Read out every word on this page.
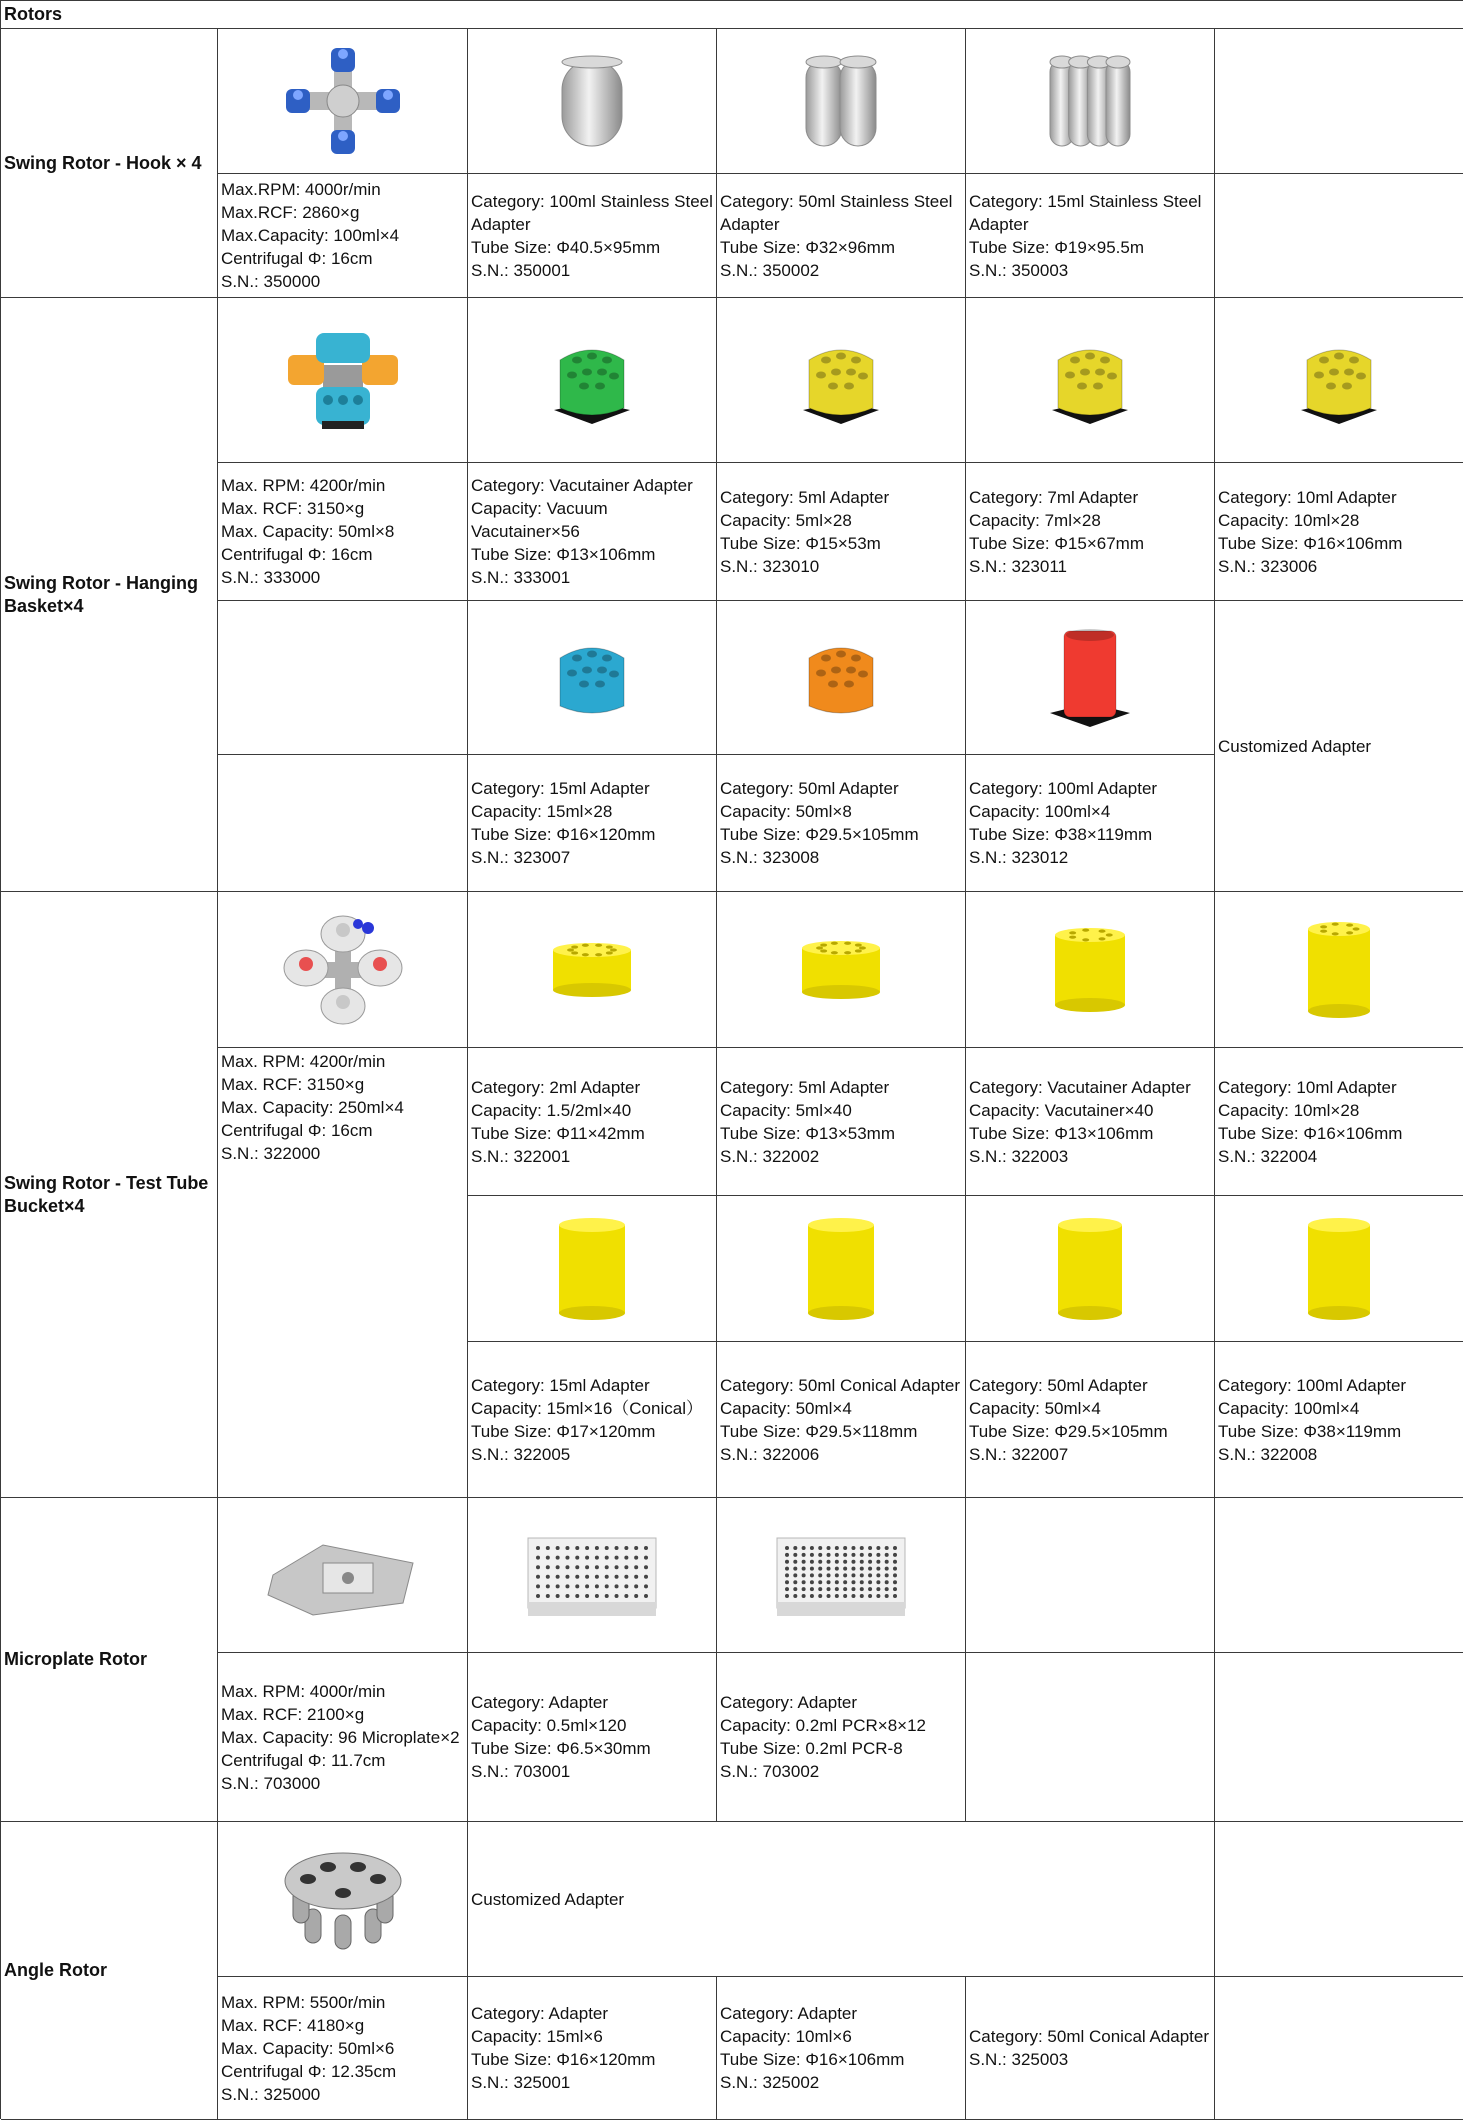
Rotors
Swing Rotor - Hook × 4
Max.RPM: 4000r/min
Max.RCF: 2860×g
Max.Capacity: 100ml×4
Centrifugal Φ: 16cm
S.N.: 350000
Category: 100ml Stainless Steel Adapter
Tube Size: Φ40.5×95mm
S.N.: 350001
Category: 50ml Stainless Steel Adapter
Tube Size: Φ32×96mm
S.N.: 350002
Category: 15ml Stainless Steel Adapter
Tube Size: Φ19×95.5m
S.N.: 350003
Swing Rotor - Hanging Basket×4
Max. RPM: 4200r/min
Max. RCF: 3150×g
Max. Capacity: 50ml×8
Centrifugal Φ: 16cm
S.N.: 333000
Category: Vacutainer Adapter
Capacity: Vacuum Vacutainer×56
Tube Size: Φ13×106mm
S.N.: 333001
Category: 5ml Adapter
Capacity: 5ml×28
Tube Size: Φ15×53m
S.N.: 323010
Category: 7ml Adapter
Capacity: 7ml×28
Tube Size: Φ15×67mm
S.N.: 323011
Category: 10ml Adapter
Capacity: 10ml×28
Tube Size: Φ16×106mm
S.N.: 323006
Customized Adapter
Category: 15ml Adapter
Capacity: 15ml×28
Tube Size: Φ16×120mm
S.N.: 323007
Category: 50ml Adapter
Capacity: 50ml×8
Tube Size: Φ29.5×105mm
S.N.: 323008
Category: 100ml Adapter
Capacity: 100ml×4
Tube Size: Φ38×119mm
S.N.: 323012
Swing Rotor - Test Tube Bucket×4
Max. RPM: 4200r/min
Max. RCF: 3150×g
Max. Capacity: 250ml×4
Centrifugal Φ: 16cm
S.N.: 322000
Category: 2ml Adapter
Capacity: 1.5/2ml×40
Tube Size: Φ11×42mm
S.N.: 322001
Category: 5ml Adapter
Capacity: 5ml×40
Tube Size: Φ13×53mm
S.N.: 322002
Category: Vacutainer Adapter
Capacity: Vacutainer×40
Tube Size: Φ13×106mm
S.N.: 322003
Category: 10ml Adapter
Capacity: 10ml×28
Tube Size: Φ16×106mm
S.N.: 322004
Category: 15ml Adapter
Capacity: 15ml×16（Conical）
Tube Size: Φ17×120mm
S.N.: 322005
Category: 50ml Conical Adapter
Capacity: 50ml×4
Tube Size: Φ29.5×118mm
S.N.: 322006
Category: 50ml Adapter
Capacity: 50ml×4
Tube Size: Φ29.5×105mm
S.N.: 322007
Category: 100ml Adapter
Capacity: 100ml×4
Tube Size: Φ38×119mm
S.N.: 322008
Microplate Rotor
Max. RPM: 4000r/min
Max. RCF: 2100×g
Max. Capacity: 96 Microplate×2
Centrifugal Φ: 11.7cm
S.N.: 703000
Category: Adapter
Capacity: 0.5ml×120
Tube Size: Φ6.5×30mm
S.N.: 703001
Category: Adapter
Capacity: 0.2ml PCR×8×12
Tube Size: 0.2ml PCR-8
S.N.: 703002
Angle Rotor
Customized Adapter
Max. RPM: 5500r/min
Max. RCF: 4180×g
Max. Capacity: 50ml×6
Centrifugal Φ: 12.35cm
S.N.: 325000
Category: Adapter
Capacity: 15ml×6
Tube Size: Φ16×120mm
S.N.: 325001
Category: Adapter
Capacity: 10ml×6
Tube Size: Φ16×106mm
S.N.: 325002
Category: 50ml Conical Adapter
S.N.: 325003
